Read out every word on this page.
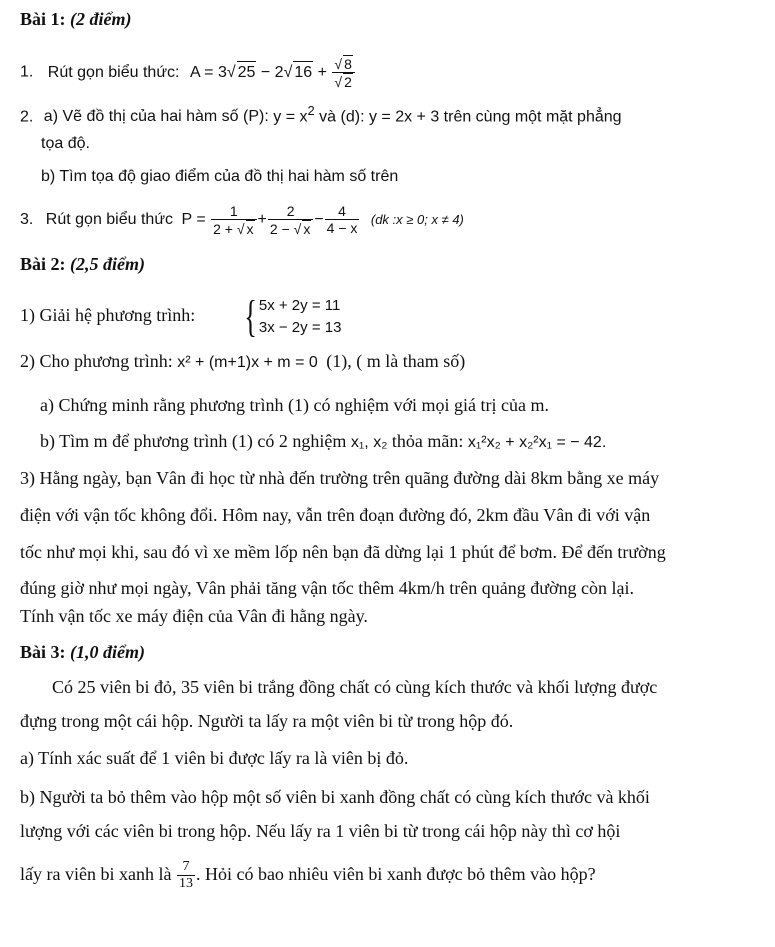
Bài 1: (2 điểm)
1. Rút gọn biểu thức: A = 3√ 25 − 2√ $16 + \frac{√ 8}{√ 2}$
2. a) Vẽ đồ thị của hai hàm số (P): $y = x^2$ và (d): y = 2x + 3 trên cùng một mặt phẳng
tọa độ.
b) Tìm tọa độ giao điểm của đồ thị hai hàm số trên
3. Rút gọn biểu thức $P = \frac{1}{2 + √ x} + \frac{2}{2 - √ x} - \frac{4}{4 - x} (dk$ :x ≥ 0; x ≠ 4)
Bài 2: (2,5 điểm)
1) Giải hệ phương trình: { 5x + 2y = 11
3x − 2y = 13
2) Cho phương trình: x² + (m+1)x + m = 0 (1), ( m là tham số)
a) Chứng minh rằng phương trình (1) có nghiệm với mọi giá trị của m.
b) Tìm m để phương trình (1) có 2 nghiệm x₁, x₂ thỏa mãn: x₁²x₂ + x₂²x₁ = − 42.
3) Hằng ngày, bạn Vân đi học từ nhà đến trường trên quãng đường dài 8km bằng xe máy
điện với vận tốc không đổi. Hôm nay, vẫn trên đoạn đường đó, 2km đầu Vân đi với vận
tốc như mọi khi, sau đó vì xe mềm lốp nên bạn đã dừng lại 1 phút để bơm. Để đến trường
đúng giờ như mọi ngày, Vân phải tăng vận tốc thêm 4km/h trên quảng đường còn lại.
Tính vận tốc xe máy điện của Vân đi hằng ngày.
Bài 3: (1,0 điểm)
Có 25 viên bi đỏ, 35 viên bi trắng đồng chất có cùng kích thước và khối lượng được
đựng trong một cái hộp. Người ta lấy ra một viên bi từ trong hộp đó.
a) Tính xác suất để 1 viên bi được lấy ra là viên bị đỏ.
b) Người ta bỏ thêm vào hộp một số viên bi xanh đồng chất có cùng kích thước và khối
lượng với các viên bi trong hộp. Nếu lấy ra 1 viên bi từ trong cái hộp này thì cơ hội
lấy ra viên bi xanh là $\frac{7}{13}$ . Hỏi có bao nhiêu viên bi xanh được bỏ thêm vào hộp?
